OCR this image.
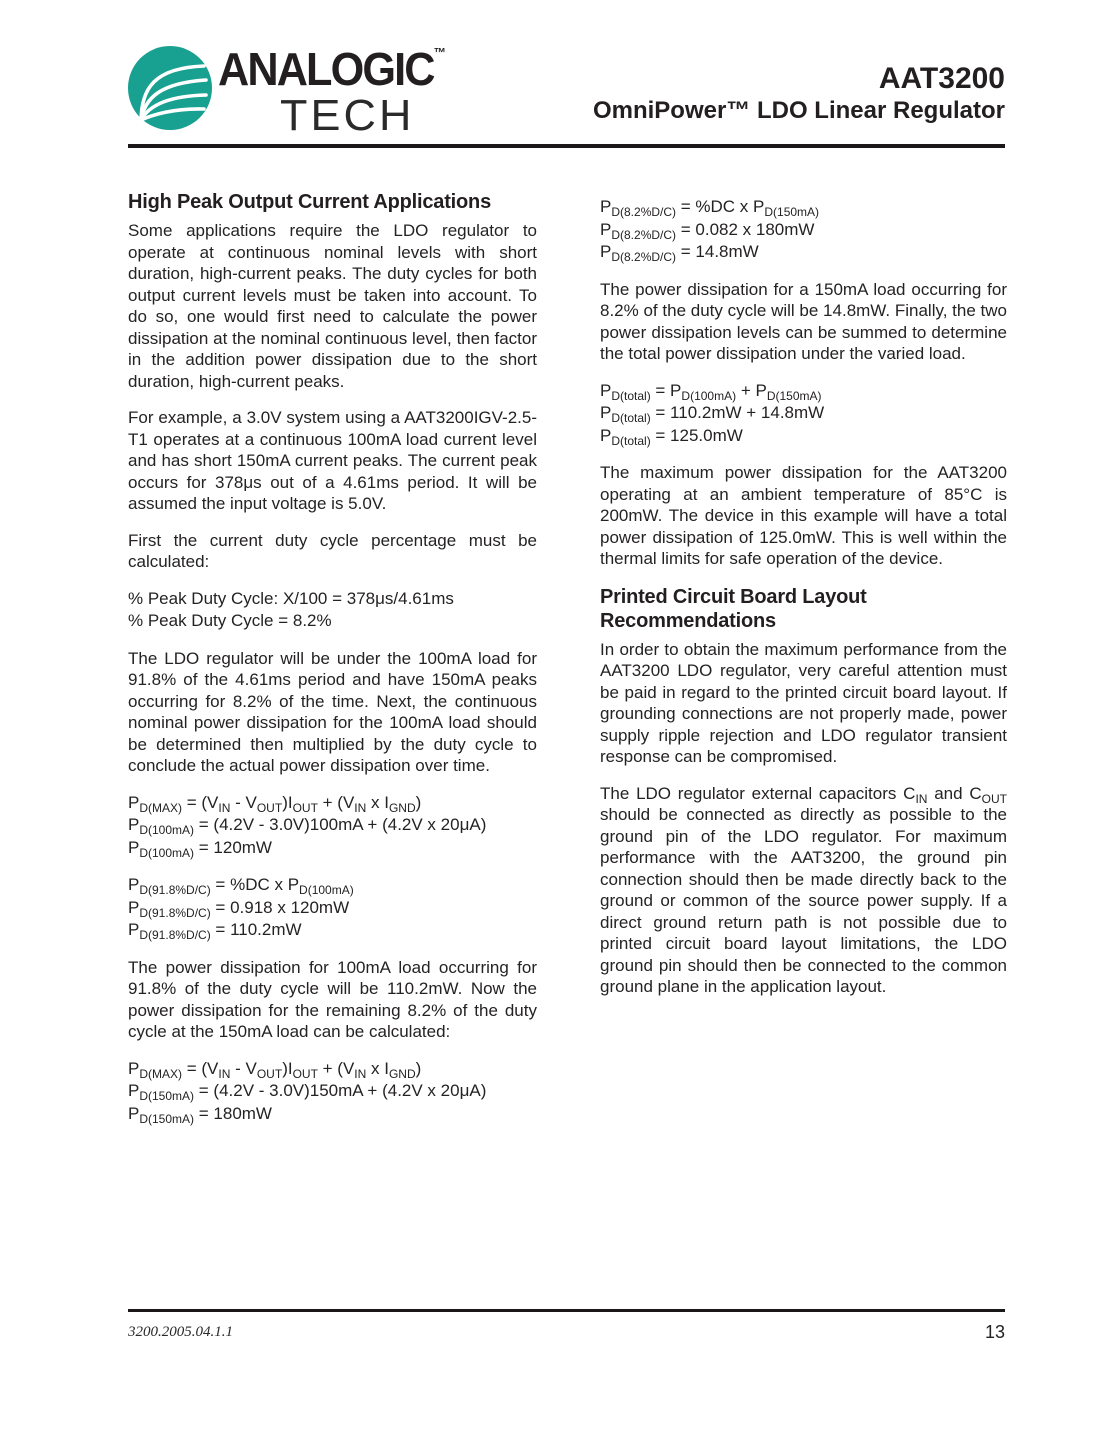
ANALOGIC™
TECH
AAT3200
OmniPower™ LDO Linear Regulator
High Peak Output Current Applications

Some applications require the LDO regulator to operate at continuous nominal levels with short duration, high-current peaks. The duty cycles for both output current levels must be taken into account. To do so, one would first need to calculate the power dissipation at the nominal continuous level, then factor in the addition power dissipation due to the short duration, high-current peaks.

For example, a 3.0V system using a AAT3200IGV-2.5-T1 operates at a continuous 100mA load current level and has short 150mA current peaks. The current peak occurs for 378μs out of a 4.61ms period. It will be assumed the input voltage is 5.0V.

First the current duty cycle percentage must be calculated:

% Peak Duty Cycle: X/100 = 378μs/4.61ms
% Peak Duty Cycle = 8.2%

The LDO regulator will be under the 100mA load for 91.8% of the 4.61ms period and have 150mA peaks occurring for 8.2% of the time. Next, the continuous nominal power dissipation for the 100mA load should be determined then multiplied by the duty cycle to conclude the actual power dissipation over time.

$P_{D(MAX)} = (V_{IN} - V_{OUT})I_{OUT} + (V_{IN}$ x $I_{GND}$)
$P_{D(100mA)} = (4.2V - 3.0V)100mA + (4.2V$ x 20μA)
$P_{D(100mA)} = 120mW$
$P_{D(91.8\%D/C)} = \%DC$ x $P_{D(100mA)}$
$P_{D(91.8\%D/C)} = 0.918$ x 120mW
$P_{D(91.8\%D/C)} = 110.2mW$

The power dissipation for 100mA load occurring for 91.8% of the duty cycle will be 110.2mW. Now the power dissipation for the remaining 8.2% of the duty cycle at the 150mA load can be calculated:

$P_{D(MAX)} = (V_{IN} - V_{OUT})I_{OUT} + (V_{IN}$ x $I_{GND}$)
$P_{D(150mA)} = (4.2V - 3.0V)150mA + (4.2V$ x 20μA)
$P_{D(150mA)} = 180mW$
$P_{D(8.2\%D/C)} = \%DC$ x $P_{D(150mA)}$
$P_{D(8.2\%D/C)} = 0.082$ x 180mW
$P_{D(8.2\%D/C)} = 14.8mW$

The power dissipation for a 150mA load occurring for 8.2% of the duty cycle will be 14.8mW. Finally, the two power dissipation levels can be summed to determine the total power dissipation under the varied load.

$P_{D(total)} = P_{D(100mA)} + P_{D(150mA)}$
$P_{D(total)} = 110.2mW + 14.8mW$
$P_{D(total)} = 125.0mW$

The maximum power dissipation for the AAT3200 operating at an ambient temperature of 85°C is 200mW. The device in this example will have a total power dissipation of 125.0mW. This is well within the thermal limits for safe operation of the device.

Printed Circuit Board Layout Recommendations

In order to obtain the maximum performance from the AAT3200 LDO regulator, very careful attention must be paid in regard to the printed circuit board layout. If grounding connections are not properly made, power supply ripple rejection and LDO regulator transient response can be compromised.

The LDO regulator external capacitors $C_{IN}$ and $C_{OUT}$ should be connected as directly as possible to the ground pin of the LDO regulator. For maximum performance with the AAT3200, the ground pin connection should then be made directly back to the ground or common of the source power supply. If a direct ground return path is not possible due to printed circuit board layout limitations, the LDO ground pin should then be connected to the common ground plane in the application layout.

3200.2005.04.1.1	13
